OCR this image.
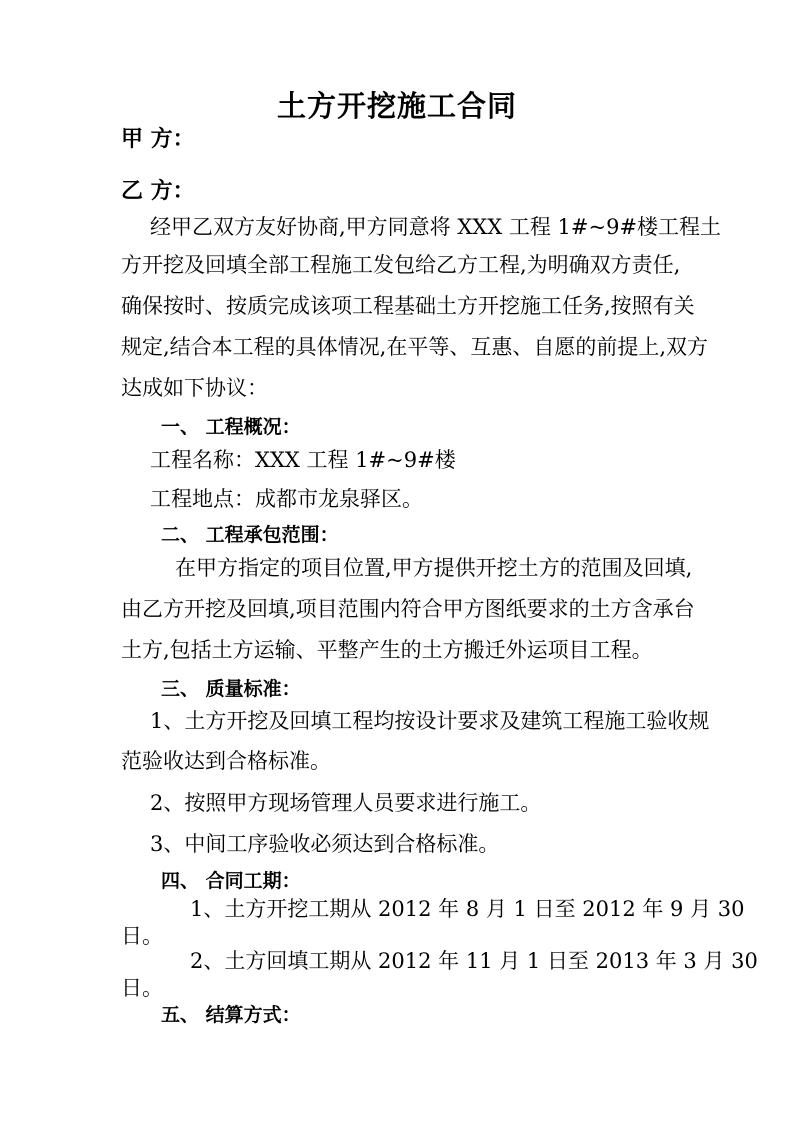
土方开挖施工合同
甲 方：
乙 方：
经甲乙双方友好协商,甲方同意将 XXX 工程 1#~9#楼工程土
方开挖及回填全部工程施工发包给乙方工程,为明确双方责任,
确保按时、按质完成该项工程基础土方开挖施工任务,按照有关
规定,结合本工程的具体情况,在平等、互惠、自愿的前提上,双方
达成如下协议：
一、 工程概况：
工程名称：XXX 工程 1#~9#楼
工程地点：成都市龙泉驿区。
二、 工程承包范围：
在甲方指定的项目位置,甲方提供开挖土方的范围及回填,
由乙方开挖及回填,项目范围内符合甲方图纸要求的土方含承台
土方,包括土方运输、平整产生的土方搬迁外运项目工程。
三、 质量标准：
1、土方开挖及回填工程均按设计要求及建筑工程施工验收规
范验收达到合格标准。
2、按照甲方现场管理人员要求进行施工。
3、中间工序验收必须达到合格标准。
四、 合同工期：
1、土方开挖工期从 2012 年 8 月 1 日至 2012 年 9 月 30
日。
2、土方回填工期从 2012 年 11 月 1 日至 2013 年 3 月 30
日。
五、 结算方式：
